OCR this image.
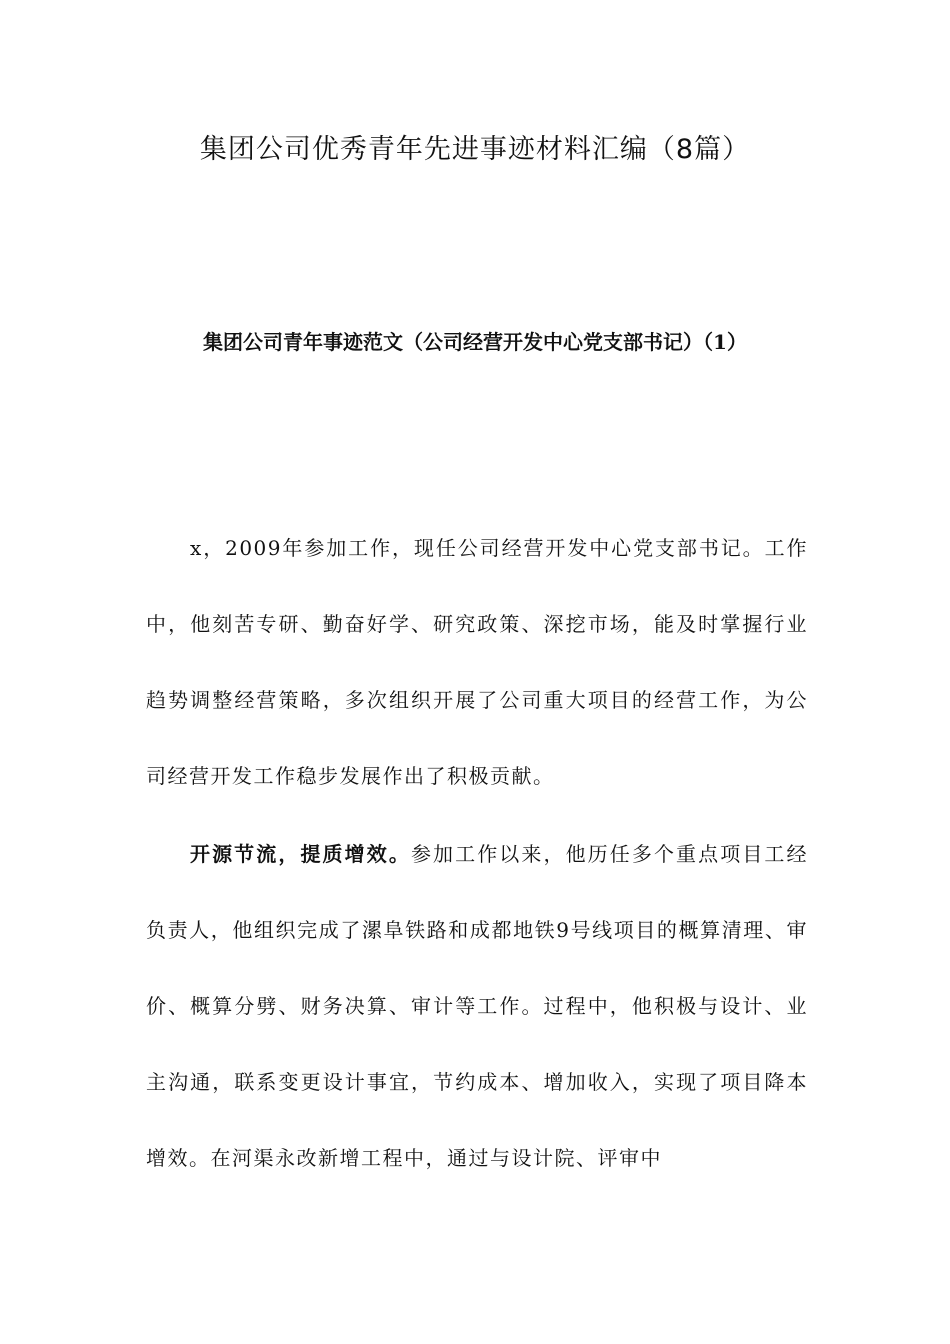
集团公司优秀青年先进事迹材料汇编（8篇）
集团公司青年事迹范文（公司经营开发中心党支部书记）（1）

x，2009年参加工作，现任公司经营开发中心党支部书记。工作中，他刻苦专研、勤奋好学、研究政策、深挖市场，能及时掌握行业趋势调整经营策略，多次组织开展了公司重大项目的经营工作，为公司经营开发工作稳步发展作出了积极贡献。

开源节流，提质增效。参加工作以来，他历任多个重点项目工经负责人，他组织完成了漯阜铁路和成都地铁9号线项目的概算清理、审价、概算分劈、财务决算、审计等工作。过程中，他积极与设计、业主沟通，联系变更设计事宜，节约成本、增加收入，实现了项目降本增效。在河渠永改新增工程中，通过与设计院、评审中
